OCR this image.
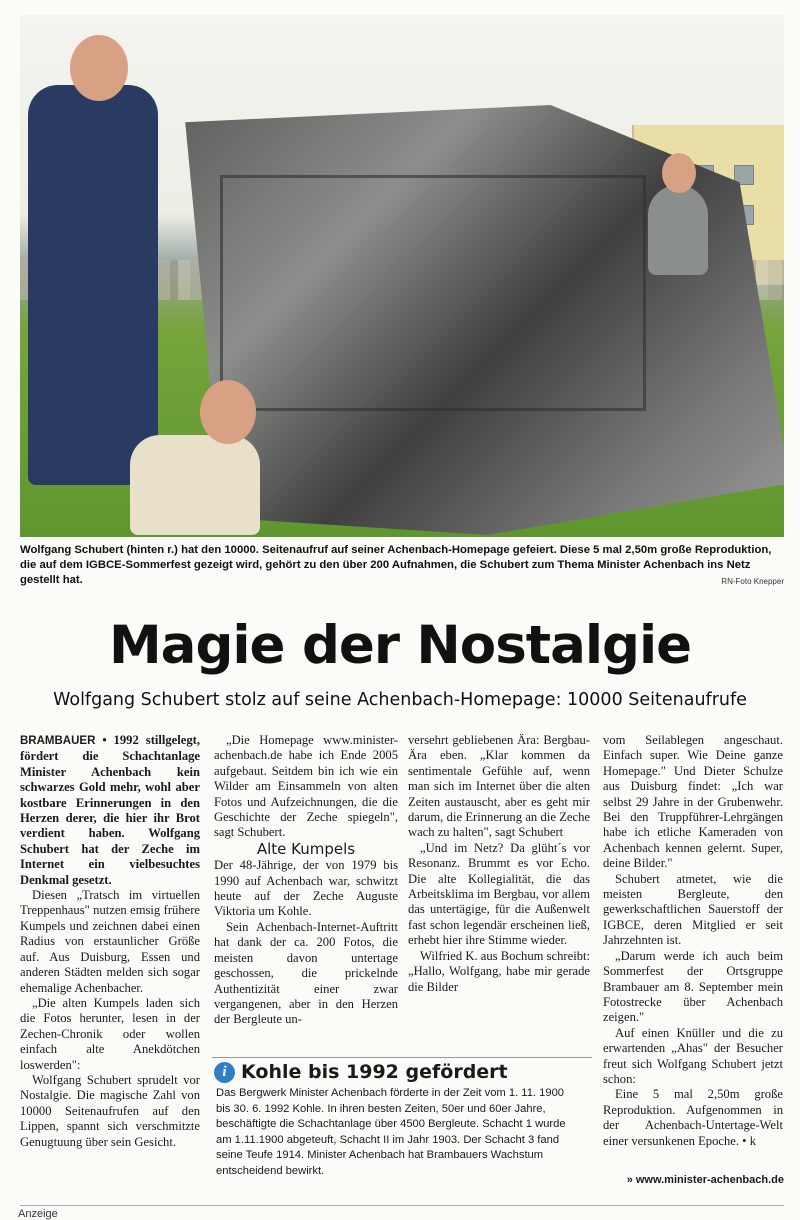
Wolfgang Schubert (hinten r.) hat den 10000. Seitenaufruf auf seiner Achenbach-Homepage gefeiert. Diese 5 mal 2,50m große Reproduktion, die auf dem IGBCE-Sommerfest gezeigt wird, gehört zu den über 200 Aufnahmen, die Schubert zum Thema Minister Achenbach ins Netz gestellt hat.	RN-Foto Knepper
Magie der Nostalgie
Wolfgang Schubert stolz auf seine Achenbach-Homepage: 10000 Seitenaufrufe

BRAMBAUER • 1992 stillgelegt, fördert die Schachtanlage Minister Achenbach kein schwarzes Gold mehr, wohl aber kostbare Erinnerungen in den Herzen derer, die hier ihr Brot verdient haben. Wolfgang Schubert hat der Zeche im Internet ein vielbesuchtes Denkmal gesetzt.

Diesen „Tratsch im virtuellen Treppenhaus" nutzen emsig frühere Kumpels und zeichnen dabei einen Radius von erstaunlicher Größe auf. Aus Duisburg, Essen und anderen Städten melden sich sogar ehemalige Achenbacher.

„Die alten Kumpels laden sich die Fotos herunter, lesen in der Zechen-Chronik oder wollen einfach alte Anekdötchen loswerden":

Wolfgang Schubert sprudelt vor Nostalgie. Die magische Zahl von 10000 Seitenaufrufen auf den Lippen, spannt sich verschmitzte Genugtuung über sein Gesicht.

„Die Homepage www.minister-achenbach.de habe ich Ende 2005 aufgebaut. Seitdem bin ich wie ein Wilder am Einsammeln von alten Fotos und Aufzeichnungen, die die Geschichte der Zeche spiegeln", sagt Schubert.

Alte Kumpels

Der 48-Jährige, der von 1979 bis 1990 auf Achenbach war, schwitzt heute auf der Zeche Auguste Viktoria um Kohle.

Sein Achenbach-Internet-Auftritt hat dank der ca. 200 Fotos, die meisten davon untertage geschossen, die prickelnde Authentizität einer zwar vergangenen, aber in den Herzen der Bergleute un-

versehrt gebliebenen Ära: Bergbau-Ära eben. „Klar kommen da sentimentale Gefühle auf, wenn man sich im Internet über die alten Zeiten austauscht, aber es geht mir darum, die Erinnerung an die Zeche wach zu halten", sagt Schubert

„Und im Netz? Da glüht´s vor Resonanz. Brummt es vor Echo. Die alte Kollegialität, die das Arbeitsklima im Bergbau, vor allem das untertägige, für die Außenwelt fast schon legendär erscheinen ließ, erhebt hier ihre Stimme wieder.

Wilfried K. aus Bochum schreibt: „Hallo, Wolfgang, habe mir gerade die Bilder

vom Seilablegen angeschaut. Einfach super. Wie Deine ganze Homepage." Und Dieter Schulze aus Duisburg findet: „Ich war selbst 29 Jahre in der Grubenwehr. Bei den Truppführer-Lehrgängen habe ich etliche Kameraden von Achenbach kennen gelernt. Super, deine Bilder."

Schubert atmetet, wie die meisten Bergleute, den gewerkschaftlichen Sauerstoff der IGBCE, deren Mitglied er seit Jahrzehnten ist.

„Darum werde ich auch beim Sommerfest der Ortsgruppe Brambauer am 8. September mein Fotostrecke über Achenbach zeigen."

Auf einen Knüller und die zu erwartenden „Ahas" der Besucher freut sich Wolfgang Schubert jetzt schon:

Eine 5 mal 2,50m große Reproduktion. Aufgenommen in der Achenbach-Untertage-Welt einer versunkenen Epoche. • k

i Kohle bis 1992 gefördert
Das Bergwerk Minister Achenbach förderte in der Zeit vom 1. 11. 1900 bis 30. 6. 1992 Kohle. In ihren besten Zeiten, 50er und 60er Jahre, beschäftigte die Schachtanlage über 4500 Bergleute. Schacht 1 wurde am 1.11.1900 abgeteuft, Schacht II im Jahr 1903. Der Schacht 3 fand seine Teufe 1914. Minister Achenbach hat Brambauers Wachstum entscheidend bewirkt.
» www.minister-achenbach.de
Anzeige
